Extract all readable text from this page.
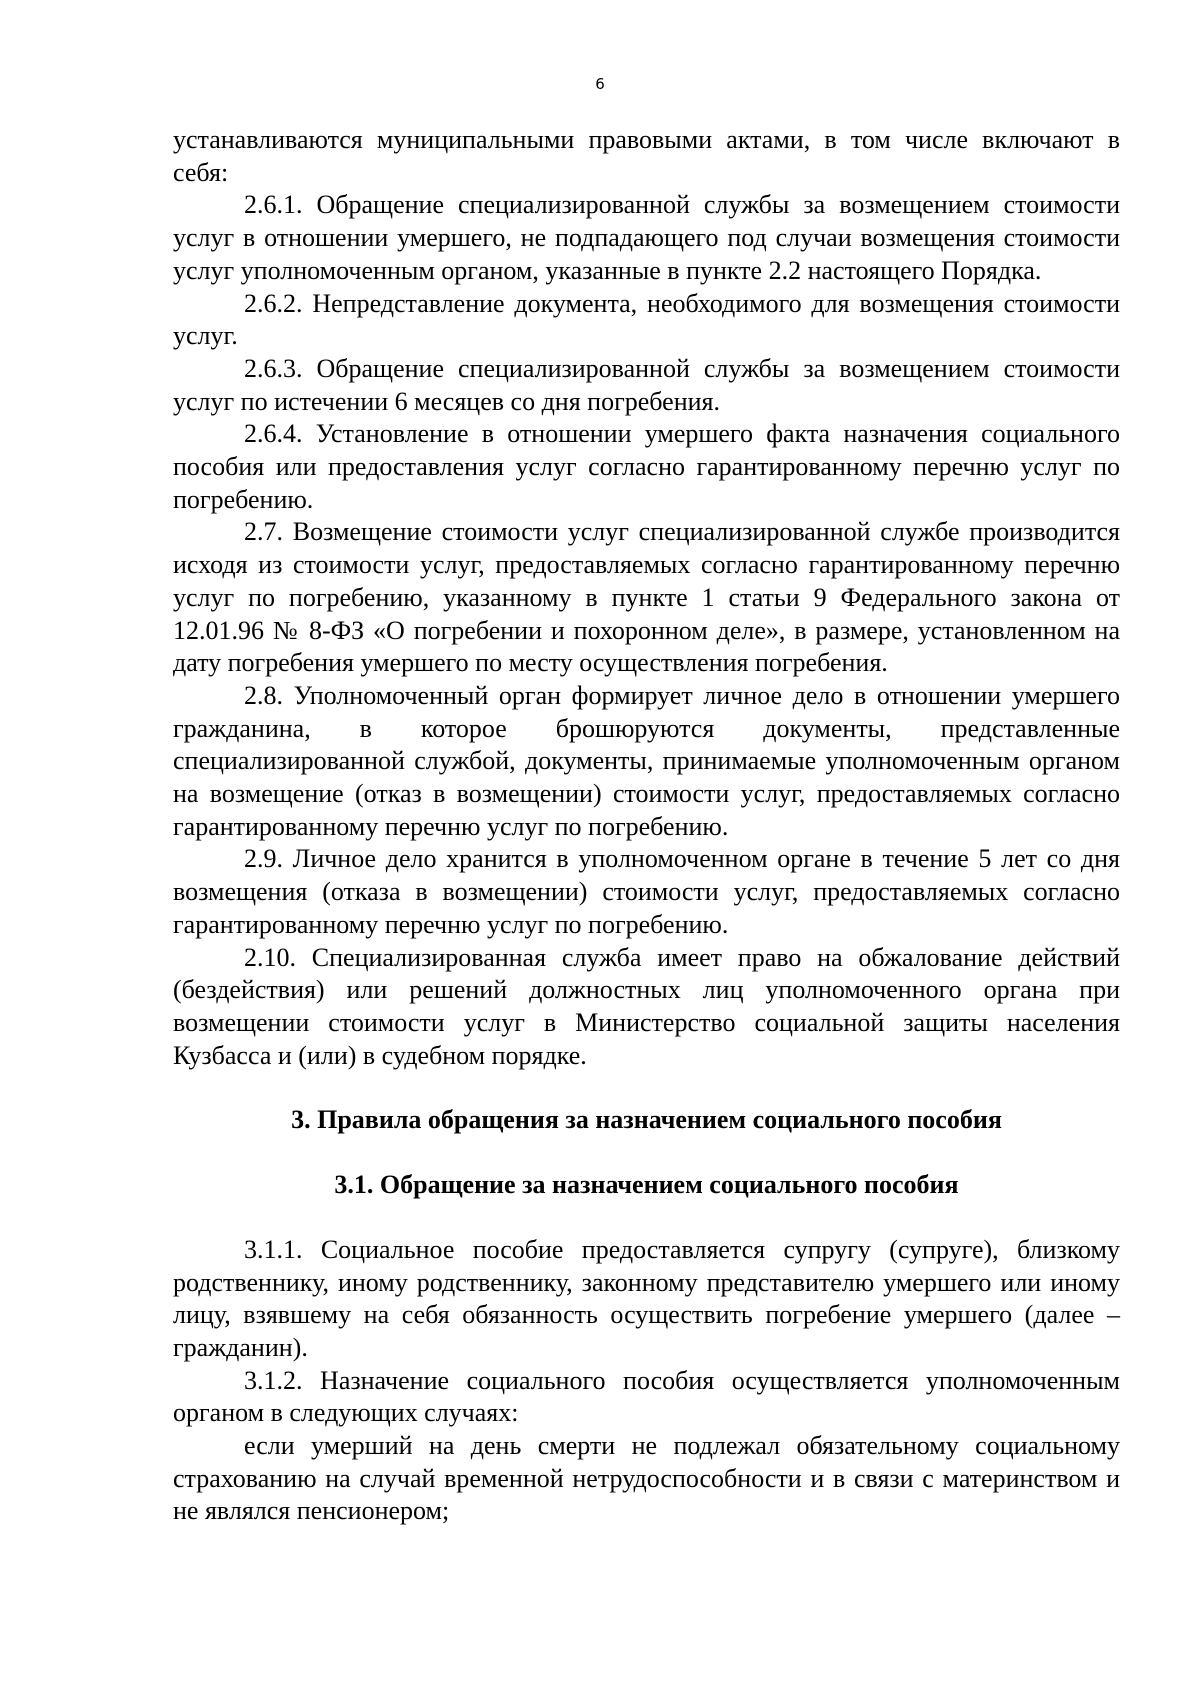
6

устанавливаются муниципальными правовыми актами, в том числе включают в себя:

2.6.1. Обращение специализированной службы за возмещением стоимости услуг в отношении умершего, не подпадающего под случаи возмещения стоимости услуг уполномоченным органом, указанные в пункте 2.2 настоящего Порядка.

2.6.2. Непредставление документа, необходимого для возмещения стоимости услуг.

2.6.3. Обращение специализированной службы за возмещением стоимости услуг по истечении 6 месяцев со дня погребения.

2.6.4. Установление в отношении умершего факта назначения социального пособия или предоставления услуг согласно гарантированному перечню услуг по погребению.

2.7. Возмещение стоимости услуг специализированной службе производится исходя из стоимости услуг, предоставляемых согласно гарантированному перечню услуг по погребению, указанному в пункте 1 статьи 9 Федерального закона от 12.01.96 № 8-ФЗ «О погребении и похоронном деле», в размере, установленном на дату погребения умершего по месту осуществления погребения.

2.8. Уполномоченный орган формирует личное дело в отношении умершего гражданина, в которое брошюруются документы, представленные специализированной службой, документы, принимаемые уполномоченным органом на возмещение (отказ в возмещении) стоимости услуг, предоставляемых согласно гарантированному перечню услуг по погребению.

2.9. Личное дело хранится в уполномоченном органе в течение 5 лет со дня возмещения (отказа в возмещении) стоимости услуг, предоставляемых согласно гарантированному перечню услуг по погребению.

2.10. Специализированная служба имеет право на обжалование действий (бездействия) или решений должностных лиц уполномоченного органа при возмещении стоимости услуг в Министерство социальной защиты населения Кузбасса и (или) в судебном порядке.

3. Правила обращения за назначением социального пособия
3.1. Обращение за назначением социального пособия

3.1.1. Социальное пособие предоставляется супругу (супруге), близкому родственнику, иному родственнику, законному представителю умершего или иному лицу, взявшему на себя обязанность осуществить погребение умершего (далее – гражданин).

3.1.2. Назначение социального пособия осуществляется уполномоченным органом в следующих случаях:

если умерший на день смерти не подлежал обязательному социальному страхованию на случай временной нетрудоспособности и в связи с материнством и не являлся пенсионером;
